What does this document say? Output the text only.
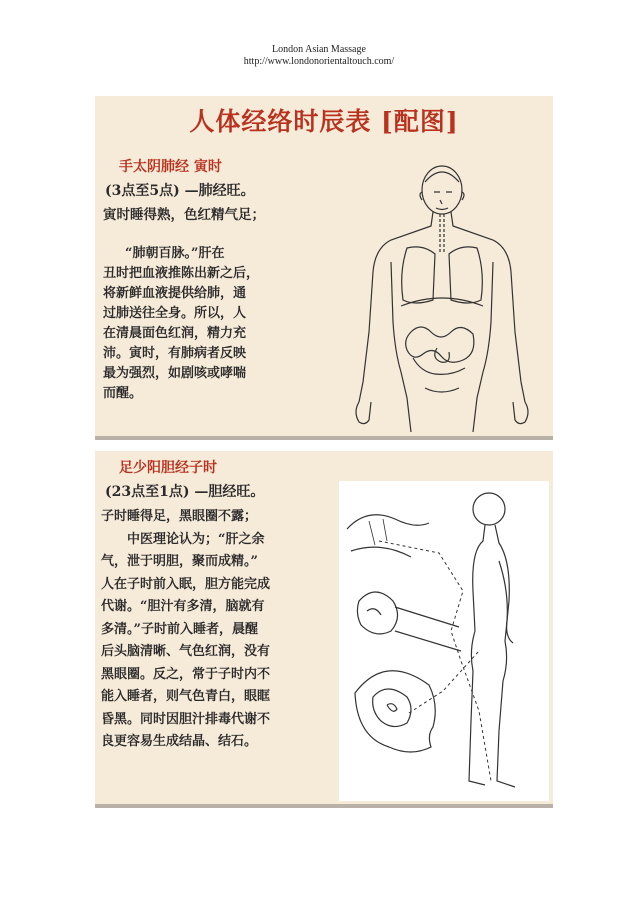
London Asian Massage
http://www.londonorientaltouch.com/
人体经络时辰表 [配图]
手太阴肺经 寅时
(3点至5点) —肺经旺。
寅时睡得熟，色红精气足；
“肺朝百脉。”肝在
丑时把血液推陈出新之后，
将新鲜血液提供给肺，通
过肺送往全身。所以，人
在清晨面色红润，精力充
沛。寅时，有肺病者反映
最为强烈，如剧咳或哮喘
而醒。
足少阳胆经子时
(23点至1点) —胆经旺。
子时睡得足，黑眼圈不露；
　　中医理论认为；“肝之余
气，泄于明胆，聚而成精。”
人在子时前入眠，胆方能完成
代谢。“胆汁有多清，脑就有
多清。”子时前入睡者，晨醒
后头脑清晰、气色红润，没有
黑眼圈。反之，常于子时内不
能入睡者，则气色青白，眼眶
昏黑。同时因胆汁排毒代谢不
良更容易生成结晶、结石。
